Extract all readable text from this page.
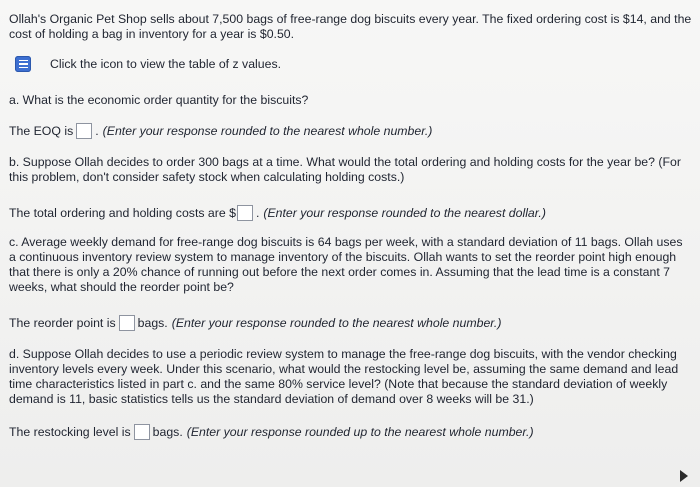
Ollah's Organic Pet Shop sells about 7,500 bags of free-range dog biscuits every year. The fixed ordering cost is $14, and the cost of holding a bag in inventory for a year is $0.50.

Click the icon to view the table of z values.

a. What is the economic order quantity for the biscuits?

The EOQ is . (Enter your response rounded to the nearest whole number.)

b. Suppose Ollah decides to order 300 bags at a time. What would the total ordering and holding costs for the year be? (For this problem, don't consider safety stock when calculating holding costs.)

The total ordering and holding costs are $ . (Enter your response rounded to the nearest dollar.)

c. Average weekly demand for free-range dog biscuits is 64 bags per week, with a standard deviation of 11 bags. Ollah uses a continuous inventory review system to manage inventory of the biscuits. Ollah wants to set the reorder point high enough that there is only a 20% chance of running out before the next order comes in. Assuming that the lead time is a constant 7 weeks, what should the reorder point be?

The reorder point is bags. (Enter your response rounded to the nearest whole number.)

d. Suppose Ollah decides to use a periodic review system to manage the free-range dog biscuits, with the vendor checking inventory levels every week. Under this scenario, what would the restocking level be, assuming the same demand and lead time characteristics listed in part c. and the same 80% service level? (Note that because the standard deviation of weekly demand is 11, basic statistics tells us the standard deviation of demand over 8 weeks will be 31.)

The restocking level is bags. (Enter your response rounded up to the nearest whole number.)
